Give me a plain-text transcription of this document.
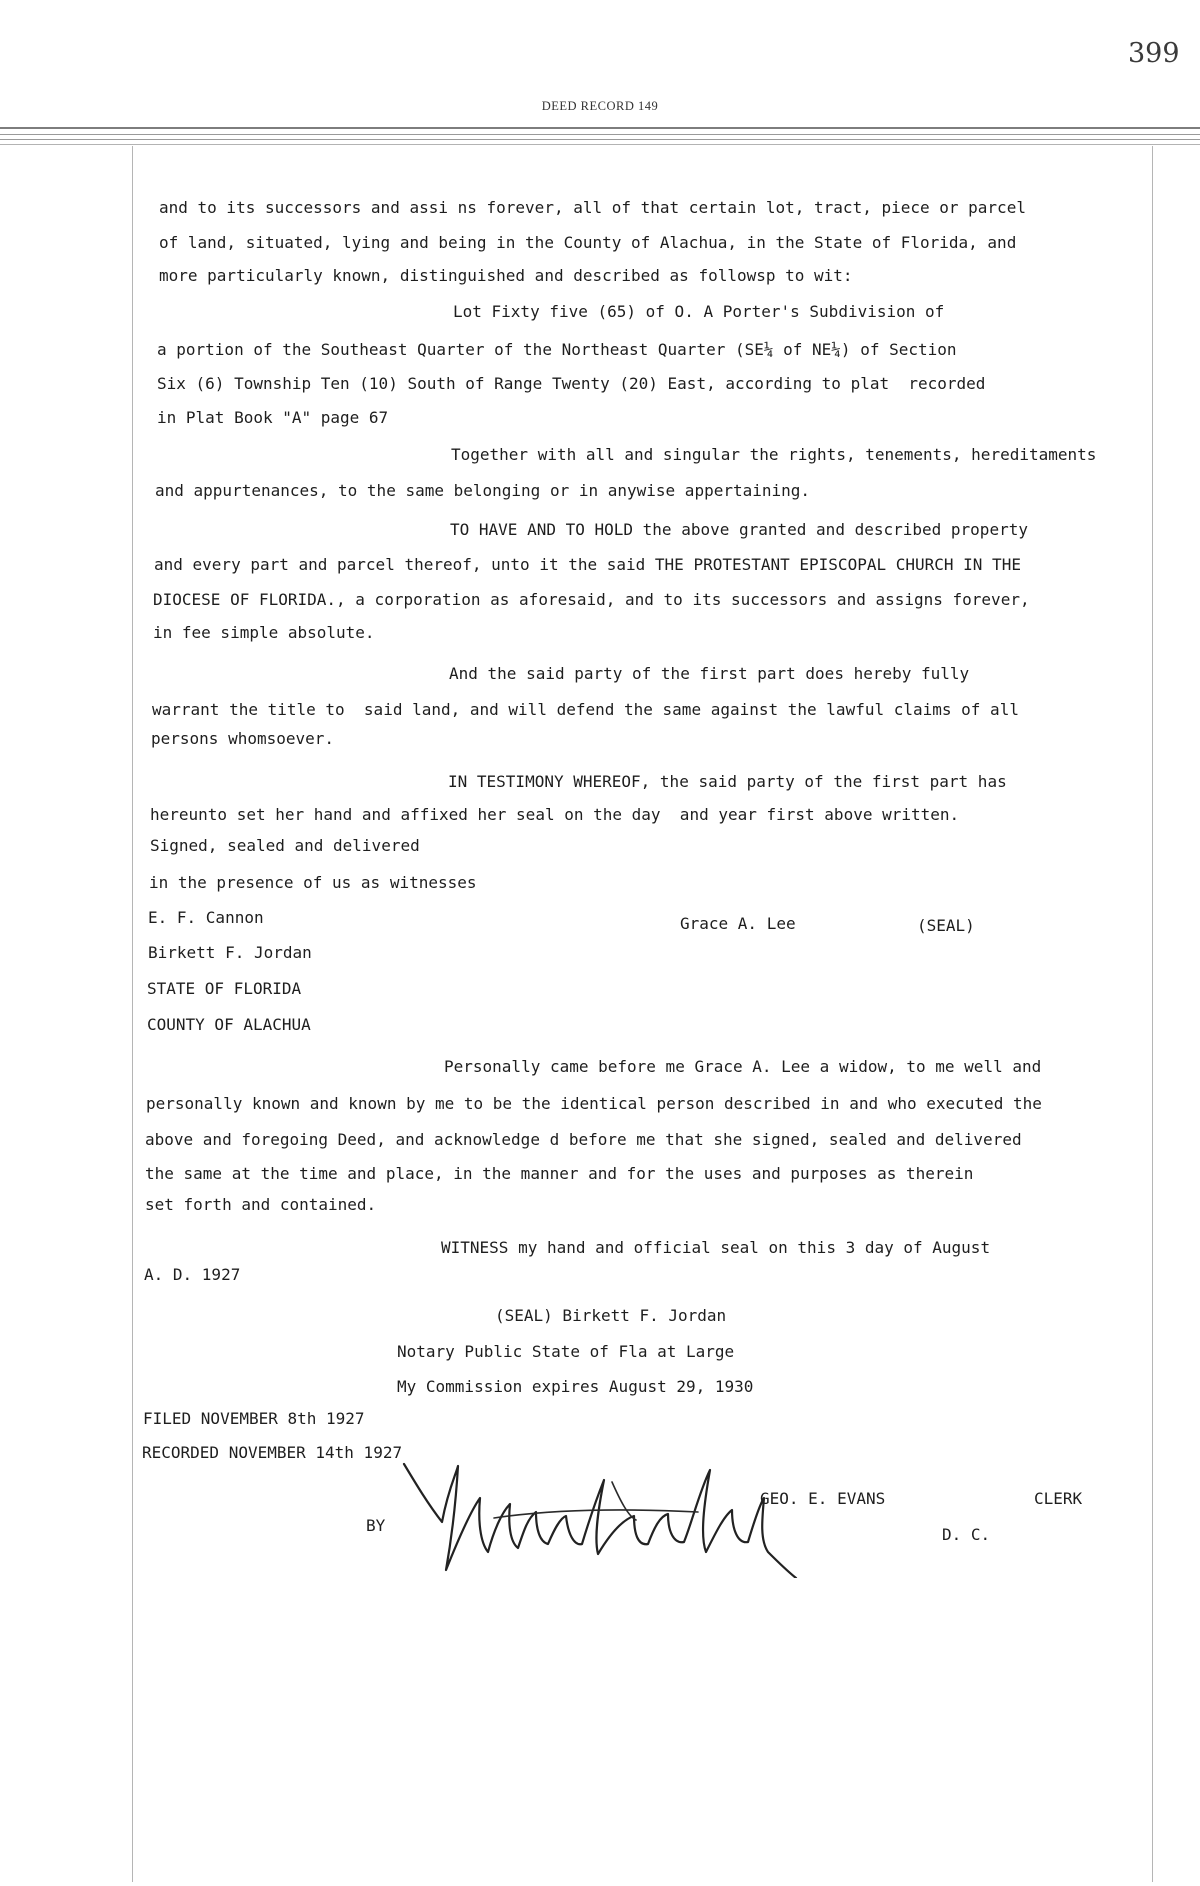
399
DEED RECORD 149
and to its successors and assi ns forever, all of that certain lot, tract, piece or parcel
of land, situated, lying and being in the County of Alachua, in the State of Florida, and
more particularly known, distinguished and described as followsp to wit:
Lot Fixty five (65) of O. A Porter's Subdivision of
a portion of the Southeast Quarter of the Northeast Quarter (SE¼ of NE¼) of Section
Six (6) Township Ten (10) South of Range Twenty (20) East, according to plat  recorded
in Plat Book "A" page 67
Together with all and singular the rights, tenements, hereditaments
and appurtenances, to the same belonging or in anywise appertaining.
TO HAVE AND TO HOLD the above granted and described property
and every part and parcel thereof, unto it the said THE PROTESTANT EPISCOPAL CHURCH IN THE
DIOCESE OF FLORIDA., a corporation as aforesaid, and to its successors and assigns forever,
in fee simple absolute.
And the said party of the first part does hereby fully
warrant the title to  said land, and will defend the same against the lawful claims of all
persons whomsoever.
IN TESTIMONY WHEREOF, the said party of the first part has
hereunto set her hand and affixed her seal on the day  and year first above written.
Signed, sealed and delivered
in the presence of us as witnesses
E. F. Cannon	Grace A. Lee	(SEAL)
Birkett F. Jordan
STATE OF FLORIDA
COUNTY OF ALACHUA
Personally came before me Grace A. Lee a widow, to me well and
personally known and known by me to be the identical person described in and who executed the
above and foregoing Deed, and acknowledge d before me that she signed, sealed and delivered
the same at the time and place, in the manner and for the uses and purposes as therein
set forth and contained.
WITNESS my hand and official seal on this 3 day of August
A. D. 1927
(SEAL) Birkett F. Jordan
Notary Public State of Fla at Large
My Commission expires August 29, 1930
FILED NOVEMBER 8th 1927
RECORDED NOVEMBER 14th 1927
GEO. E. EVANS	CLERK
BY	D. C.
